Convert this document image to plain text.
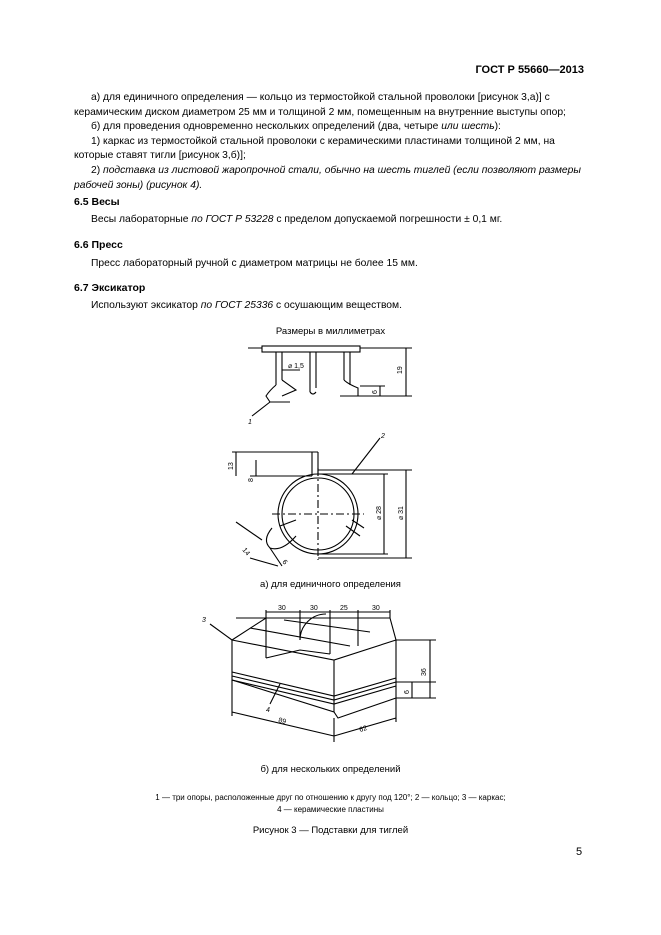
ГОСТ Р 55660—2013

а) для единичного определения — кольцо из термостойкой стальной проволоки [рисунок 3,а)] с керамическим диском диаметром 25 мм и толщиной 2 мм, помещенным на внутренние выступы опор;

б) для проведения одновременно нескольких определений (два, четыре или шесть):

1) каркас из термостойкой стальной проволоки с керамическими пластинами толщиной 2 мм, на которые ставят тигли [рисунок 3,б)];

2) подставка из листовой жаропрочной стали, обычно на шесть тиглей (если позволяют размеры рабочей зоны) (рисунок 4).

6.5 Весы
Весы лабораторные по ГОСТ Р 53228 с пределом допускаемой погрешности ± 0,1 мг.
6.6 Пресс
Пресс лабораторный ручной с диаметром матрицы не более 15 мм.
6.7 Эксикатор
Используют эксикатор по ГОСТ 25336 с осушающим веществом.
Размеры в миллиметрах
⌀ 1,5	19
6
1
2
13
8
⌀ 28 ⌀ 31
14
6
а) для единичного определения
30	30	25	30
36
6
89
62
3
4
б) для нескольких определений
1 — три опоры, расположенные друг по отношению к другу под 120°; 2 — кольцо; 3 — каркас;
4 — керамические пластины
Рисунок 3 — Подставки для тиглей
5
